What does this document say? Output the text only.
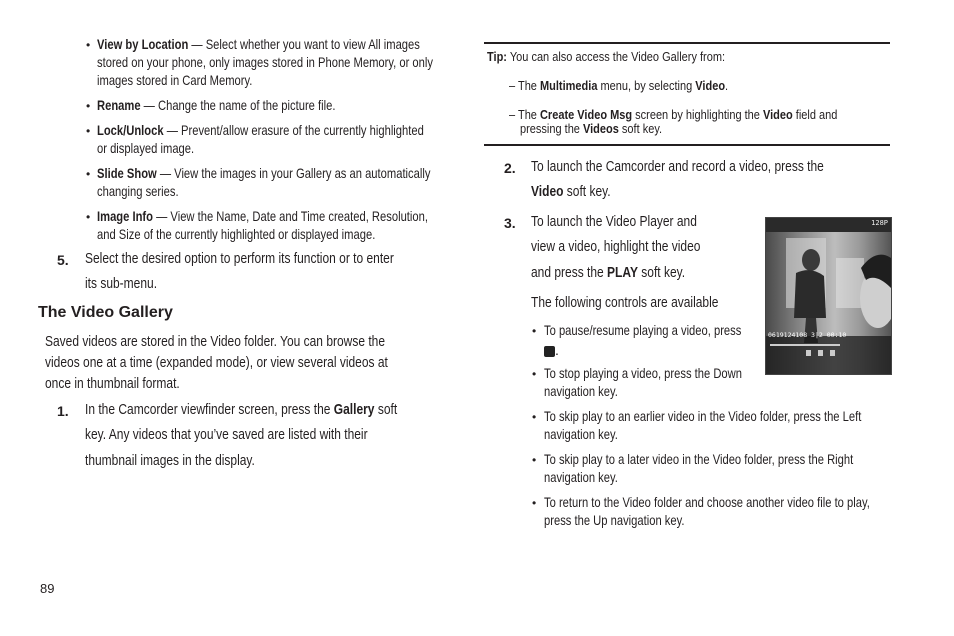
• View by Location — Select whether you want to view All images
stored on your phone, only images stored in Phone Memory, or only
images stored in Card Memory.
• Rename — Change the name of the picture file.
• Lock/Unlock — Prevent/allow erasure of the currently highlighted
or displayed image.
• Slide Show — View the images in your Gallery as an automatically
changing series.
• Image Info — View the Name, Date and Time created, Resolution,
and Size of the currently highlighted or displayed image.
5. Select the desired option to perform its function or to enter
its sub-menu.
The Video Gallery
Saved videos are stored in the Video folder. You can browse the
videos one at a time (expanded mode), or view several videos at
once in thumbnail format.
1. In the Camcorder viewfinder screen, press the Gallery soft
key. Any videos that you’ve saved are listed with their
thumbnail images in the display.
Tip: You can also access the Video Gallery from:
– The Multimedia menu, by selecting Video.
– The Create Video Msg screen by highlighting the Video field and
pressing the Videos soft key.
2. To launch the Camcorder and record a video, press the
Video soft key.
3. To launch the Video Player and
view a video, highlight the video
and press the PLAY soft key.
The following controls are available
• To pause/resume playing a video, press
.
• To stop playing a video, press the Down
navigation key.
• To skip play to an earlier video in the Video folder, press the Left
navigation key.
• To skip play to a later video in the Video folder, press the Right
navigation key.
• To return to the Video folder and choose another video file to play,
press the Up navigation key.
128P
0619124108 3|2 00:10
89
